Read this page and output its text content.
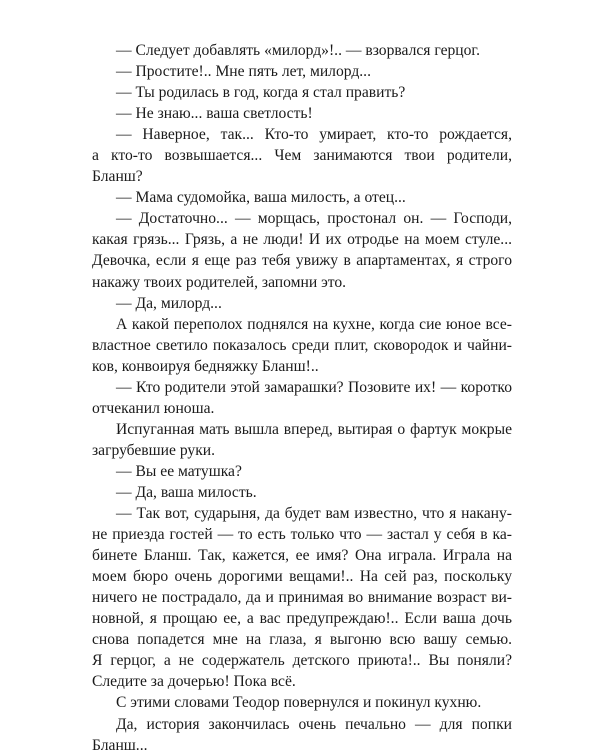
— Следует добавлять «милорд»!.. — взорвался герцог.
— Простите!.. Мне пять лет, милорд...
— Ты родилась в год, когда я стал править?
— Не знаю... ваша светлость!
— Наверное, так... Кто-то умирает, кто-то рождается,
а кто-то возвышается... Чем занимаются твои родители,
Бланш?
— Мама судомойка, ваша милость, а отец...
— Достаточно... — морщась, простонал он. — Господи,
какая грязь... Грязь, а не люди! И их отродье на моем стуле...
Девочка, если я еще раз тебя увижу в апартаментах, я строго
накажу твоих родителей, запомни это.
— Да, милорд...
А какой переполох поднялся на кухне, когда сие юное все-
властное светило показалось среди плит, сковородок и чайни-
ков, конвоируя бедняжку Бланш!..
— Кто родители этой замарашки? Позовите их! — коротко
отчеканил юноша.
Испуганная мать вышла вперед, вытирая о фартук мокрые
загрубевшие руки.
— Вы ее матушка?
— Да, ваша милость.
— Так вот, сударыня, да будет вам известно, что я накану-
не приезда гостей — то есть только что — застал у себя в ка-
бинете Бланш. Так, кажется, ее имя? Она играла. Играла на
моем бюро очень дорогими вещами!.. На сей раз, поскольку
ничего не пострадало, да и принимая во внимание возраст ви-
новной, я прощаю ее, а вас предупреждаю!.. Если ваша дочь
снова попадется мне на глаза, я выгоню всю вашу семью.
Я герцог, а не содержатель детского приюта!.. Вы поняли?
Следите за дочерью! Пока всё.
С этими словами Теодор повернулся и покинул кухню.
Да, история закончилась очень печально — для попки
Бланш...
